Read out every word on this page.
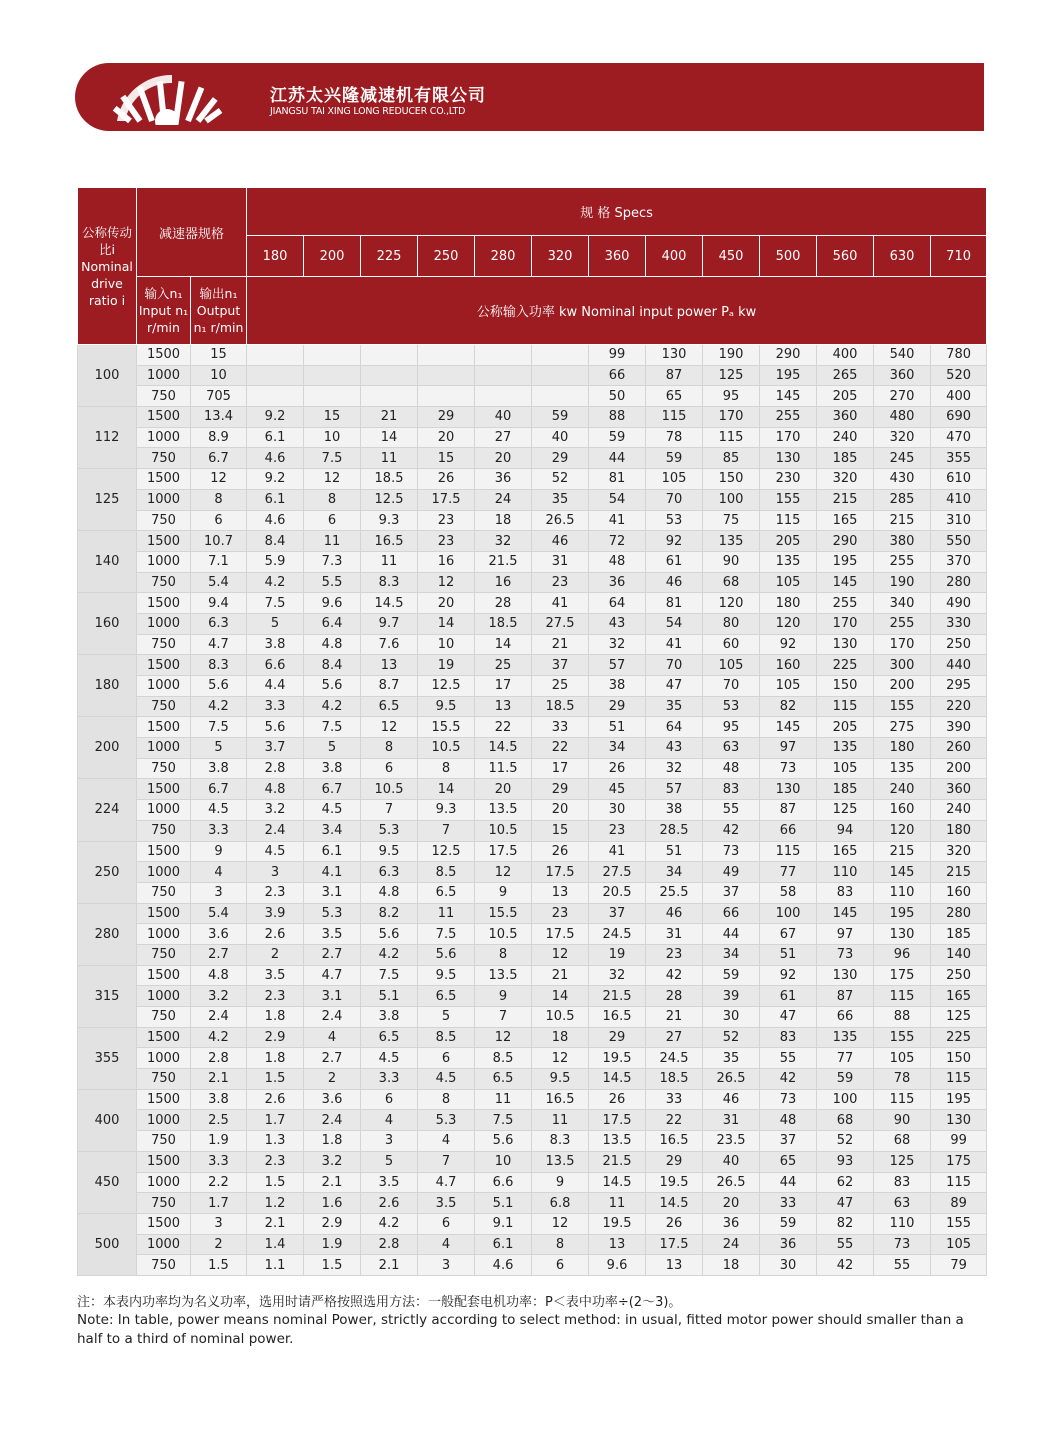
江苏太兴隆减速机有限公司
JIANGSU TAI XING LONG REDUCER CO.,LTD
公称传动比i Nominal drive ratio i	减速器规格		规 格 Specs												
			180	200	225	250	280	320	360	400	450	500	560	630	710
	输入n₁ Input n₁ r/min	输出n₁ Output n₁ r/min	公称输入功率 kw Nominal input power Pₐ kw												
100	1500	15							99	130	190	290	400	540	780
	1000	10							66	87	125	195	265	360	520
	750	705							50	65	95	145	205	270	400
112	1500	13.4	9.2	15	21	29	40	59	88	115	170	255	360	480	690
	1000	8.9	6.1	10	14	20	27	40	59	78	115	170	240	320	470
	750	6.7	4.6	7.5	11	15	20	29	44	59	85	130	185	245	355
125	1500	12	9.2	12	18.5	26	36	52	81	105	150	230	320	430	610
	1000	8	6.1	8	12.5	17.5	24	35	54	70	100	155	215	285	410
	750	6	4.6	6	9.3	23	18	26.5	41	53	75	115	165	215	310
140	1500	10.7	8.4	11	16.5	23	32	46	72	92	135	205	290	380	550
	1000	7.1	5.9	7.3	11	16	21.5	31	48	61	90	135	195	255	370
	750	5.4	4.2	5.5	8.3	12	16	23	36	46	68	105	145	190	280
160	1500	9.4	7.5	9.6	14.5	20	28	41	64	81	120	180	255	340	490
	1000	6.3	5	6.4	9.7	14	18.5	27.5	43	54	80	120	170	255	330
	750	4.7	3.8	4.8	7.6	10	14	21	32	41	60	92	130	170	250
180	1500	8.3	6.6	8.4	13	19	25	37	57	70	105	160	225	300	440
	1000	5.6	4.4	5.6	8.7	12.5	17	25	38	47	70	105	150	200	295
	750	4.2	3.3	4.2	6.5	9.5	13	18.5	29	35	53	82	115	155	220
200	1500	7.5	5.6	7.5	12	15.5	22	33	51	64	95	145	205	275	390
	1000	5	3.7	5	8	10.5	14.5	22	34	43	63	97	135	180	260
	750	3.8	2.8	3.8	6	8	11.5	17	26	32	48	73	105	135	200
224	1500	6.7	4.8	6.7	10.5	14	20	29	45	57	83	130	185	240	360
	1000	4.5	3.2	4.5	7	9.3	13.5	20	30	38	55	87	125	160	240
	750	3.3	2.4	3.4	5.3	7	10.5	15	23	28.5	42	66	94	120	180
250	1500	9	4.5	6.1	9.5	12.5	17.5	26	41	51	73	115	165	215	320
	1000	4	3	4.1	6.3	8.5	12	17.5	27.5	34	49	77	110	145	215
	750	3	2.3	3.1	4.8	6.5	9	13	20.5	25.5	37	58	83	110	160
280	1500	5.4	3.9	5.3	8.2	11	15.5	23	37	46	66	100	145	195	280
	1000	3.6	2.6	3.5	5.6	7.5	10.5	17.5	24.5	31	44	67	97	130	185
	750	2.7	2	2.7	4.2	5.6	8	12	19	23	34	51	73	96	140
315	1500	4.8	3.5	4.7	7.5	9.5	13.5	21	32	42	59	92	130	175	250
	1000	3.2	2.3	3.1	5.1	6.5	9	14	21.5	28	39	61	87	115	165
	750	2.4	1.8	2.4	3.8	5	7	10.5	16.5	21	30	47	66	88	125
355	1500	4.2	2.9	4	6.5	8.5	12	18	29	27	52	83	135	155	225
	1000	2.8	1.8	2.7	4.5	6	8.5	12	19.5	24.5	35	55	77	105	150
	750	2.1	1.5	2	3.3	4.5	6.5	9.5	14.5	18.5	26.5	42	59	78	115
400	1500	3.8	2.6	3.6	6	8	11	16.5	26	33	46	73	100	115	195
	1000	2.5	1.7	2.4	4	5.3	7.5	11	17.5	22	31	48	68	90	130
	750	1.9	1.3	1.8	3	4	5.6	8.3	13.5	16.5	23.5	37	52	68	99
450	1500	3.3	2.3	3.2	5	7	10	13.5	21.5	29	40	65	93	125	175
	1000	2.2	1.5	2.1	3.5	4.7	6.6	9	14.5	19.5	26.5	44	62	83	115
	750	1.7	1.2	1.6	2.6	3.5	5.1	6.8	11	14.5	20	33	47	63	89
500	1500	3	2.1	2.9	4.2	6	9.1	12	19.5	26	36	59	82	110	155
	1000	2	1.4	1.9	2.8	4	6.1	8	13	17.5	24	36	55	73	105
	750	1.5	1.1	1.5	2.1	3	4.6	6	9.6	13	18	30	42	55	79
注：本表内功率均为名义功率，选用时请严格按照选用方法：一般配套电机功率：P＜表中功率÷(2～3)。
Note: In table, power means nominal Power, strictly according to select method: in usual, fitted motor power should smaller than a half to a third of nominal power.
